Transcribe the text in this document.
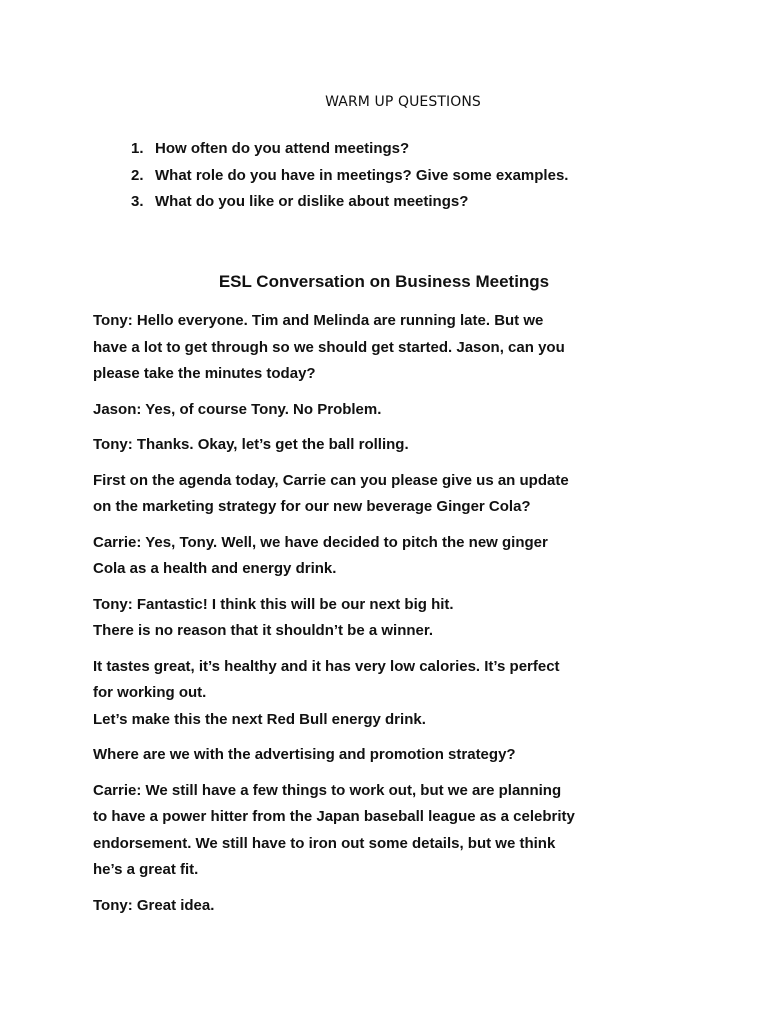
WARM UP QUESTIONS
1. How often do you attend meetings?
2. What role do you have in meetings? Give some examples.
3. What do you like or dislike about meetings?
ESL Conversation on Business Meetings

Tony: Hello everyone. Tim and Melinda are running late. But we
have a lot to get through so we should get started. Jason, can you
please take the minutes today?

Jason: Yes, of course Tony. No Problem.

Tony: Thanks. Okay, let’s get the ball rolling.

First on the agenda today, Carrie can you please give us an update
on the marketing strategy for our new beverage Ginger Cola?

Carrie: Yes, Tony. Well, we have decided to pitch the new ginger
Cola as a health and energy drink.

Tony: Fantastic! I think this will be our next big hit.
There is no reason that it shouldn’t be a winner.

It tastes great, it’s healthy and it has very low calories. It’s perfect
for working out.
Let’s make this the next Red Bull energy drink.

Where are we with the advertising and promotion strategy?

Carrie: We still have a few things to work out, but we are planning
to have a power hitter from the Japan baseball league as a celebrity
endorsement. We still have to iron out some details, but we think
he’s a great fit.

Tony: Great idea.
